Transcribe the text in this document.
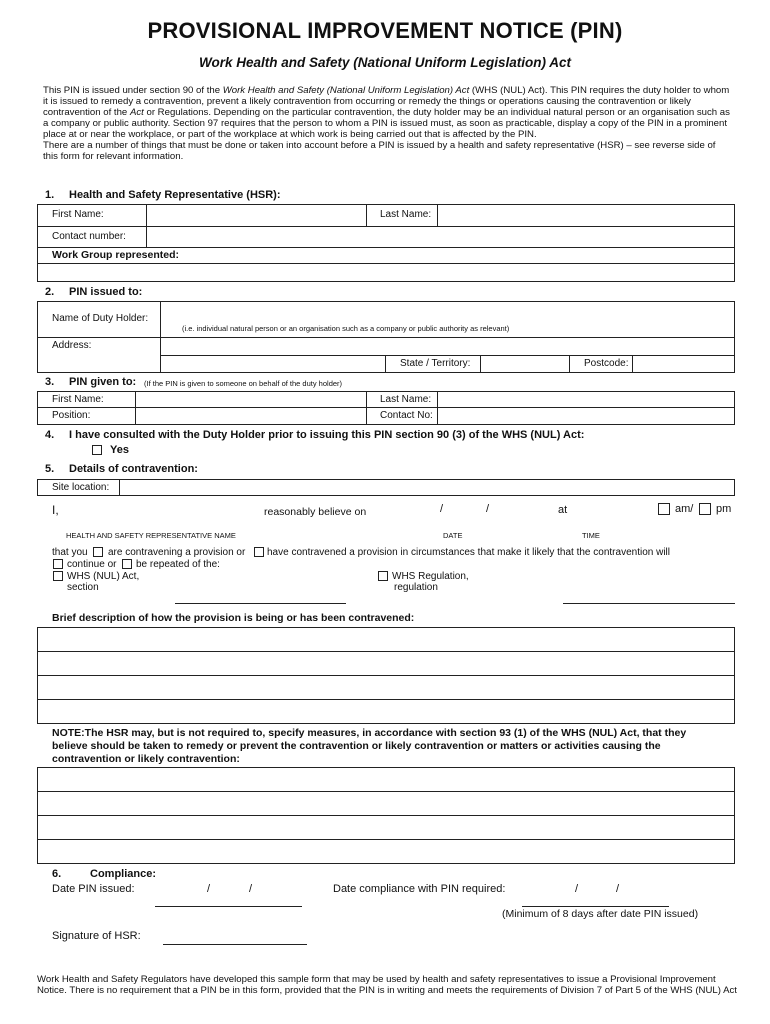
PROVISIONAL IMPROVEMENT NOTICE (PIN)
Work Health and Safety (National Uniform Legislation) Act

This PIN is issued under section 90 of the Work Health and Safety (National Uniform Legislation) Act (WHS (NUL) Act). This PIN requires the duty holder to whom it is issued to remedy a contravention, prevent a likely contravention from occurring or remedy the things or operations causing the contravention or likely contravention of the Act or Regulations. Depending on the particular contravention, the duty holder may be an individual natural person or an organisation such as a company or public authority. Section 97 requires that the person to whom a PIN is issued must, as soon as practicable, display a copy of the PIN in a prominent place at or near the workplace, or part of the workplace at which work is being carried out that is affected by the PIN.

There are a number of things that must be done or taken into account before a PIN is issued by a health and safety representative (HSR) – see reverse side of this form for relevant information.

1. Health and Safety Representative (HSR):
First Name:	Last Name:
Contact number:
Work Group represented:
2. PIN issued to:
Name of Duty Holder:
(i.e. individual natural person or an organisation such as a company or public authority as relevant)
Address:
State / Territory:	Postcode:
3. PIN given to: (If the PIN is given to someone on behalf of the duty holder)
First Name:	Last Name:
Position:	Contact No:
4. I have consulted with the Duty Holder prior to issuing this PIN section 90 (3) of the WHS (NUL) Act:
Yes
5. Details of contravention:
Site location:
I,	reasonably believe on	/	/	at	am/ pm
HEALTH AND SAFETY REPRESENTATIVE NAME	DATE	TIME
that you are contravening a provision or have contravened a provision in circumstances that make it likely that the contravention will
continue or be repeated of the:
WHS (NUL) Act,
section
WHS Regulation,
regulation
Brief description of how the provision is being or has been contravened:
NOTE:The HSR may, but is not required to, specify measures, in accordance with section 93 (1) of the WHS (NUL) Act, that they believe should be taken to remedy or prevent the contravention or likely contravention or matters or activities causing the contravention or likely contravention:
6.	Compliance:
Date PIN issued:	/	/	Date compliance with PIN required:	/	/
(Minimum of 8 days after date PIN issued)
Signature of HSR:
Work Health and Safety Regulators have developed this sample form that may be used by health and safety representatives to issue a Provisional Improvement Notice. There is no requirement that a PIN be in this form, provided that the PIN is in writing and meets the requirements of Division 7 of Part 5 of the WHS (NUL) Act
